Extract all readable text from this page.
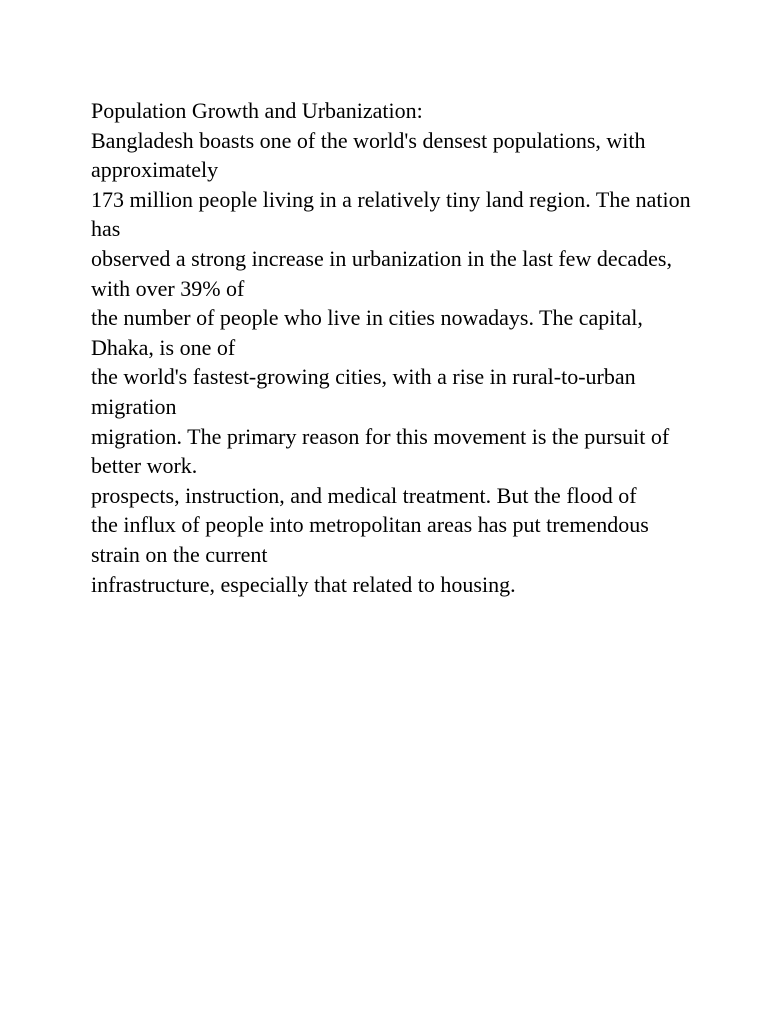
Population Growth and Urbanization:
Bangladesh boasts one of the world's densest populations, with approximately
173 million people living in a relatively tiny land region. The nation has
observed a strong increase in urbanization in the last few decades, with over 39% of
the number of people who live in cities nowadays. The capital, Dhaka, is one of
the world's fastest-growing cities, with a rise in rural-to-urban migration
migration. The primary reason for this movement is the pursuit of better work.
prospects, instruction, and medical treatment. But the flood of
the influx of people into metropolitan areas has put tremendous strain on the current
infrastructure, especially that related to housing.
